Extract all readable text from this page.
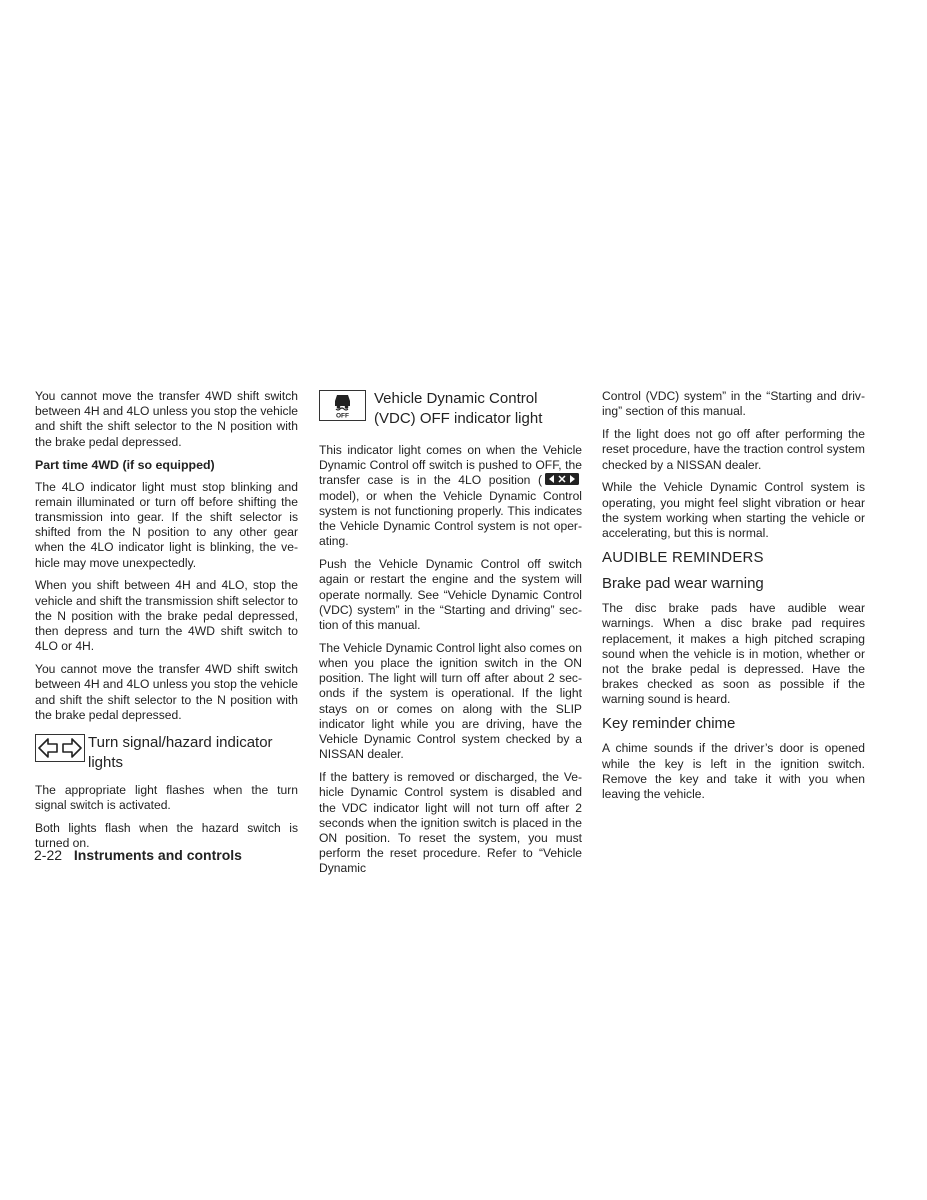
You cannot move the transfer 4WD shift switch between 4H and 4LO unless you stop the vehicle and shift the shift selector to the N position with the brake pedal depressed.

Part time 4WD (if so equipped)

The 4LO indicator light must stop blinking and remain illuminated or turn off before shifting the transmission into gear. If the shift selector is shifted from the N position to any other gear when the 4LO indicator light is blinking, the vehicle may move unexpectedly.

When you shift between 4H and 4LO, stop the vehicle and shift the transmission shift selector to the N position with the brake pedal depressed, then depress and turn the 4WD shift switch to 4LO or 4H.

You cannot move the transfer 4WD shift switch between 4H and 4LO unless you stop the vehicle and shift the shift selector to the N position with the brake pedal depressed.

Turn signal/hazard indicator lights

The appropriate light flashes when the turn signal switch is activated.

Both lights flash when the hazard switch is turned on.

OFF
Vehicle Dynamic Control (VDC) OFF indicator light

This indicator light comes on when the Vehicle Dynamic Control off switch is pushed to OFF, the transfer case is in the 4LO position (model), or when the Vehicle Dynamic Control system is not functioning properly. This indicates the Vehicle Dynamic Control system is not operating.

Push the Vehicle Dynamic Control off switch again or restart the engine and the system will operate normally. See “Vehicle Dynamic Control (VDC) system” in the “Starting and driving” section of this manual.

The Vehicle Dynamic Control light also comes on when you place the ignition switch in the ON position. The light will turn off after about 2 seconds if the system is operational. If the light stays on or comes on along with the SLIP indicator light while you are driving, have the Vehicle Dynamic Control system checked by a NISSAN dealer.

If the battery is removed or discharged, the Vehicle Dynamic Control system is disabled and the VDC indicator light will not turn off after 2 seconds when the ignition switch is placed in the ON position. To reset the system, you must perform the reset procedure. Refer to “Vehicle Dynamic

Control (VDC) system” in the “Starting and driving” section of this manual.

If the light does not go off after performing the reset procedure, have the traction control system checked by a NISSAN dealer.

While the Vehicle Dynamic Control system is operating, you might feel slight vibration or hear the system working when starting the vehicle or accelerating, but this is normal.

AUDIBLE REMINDERS
Brake pad wear warning

The disc brake pads have audible wear warnings. When a disc brake pad requires replacement, it makes a high pitched scraping sound when the vehicle is in motion, whether or not the brake pedal is depressed. Have the brakes checked as soon as possible if the warning sound is heard.

Key reminder chime

A chime sounds if the driver’s door is opened while the key is left in the ignition switch. Remove the key and take it with you when leaving the vehicle.

2-22 Instruments and controls
